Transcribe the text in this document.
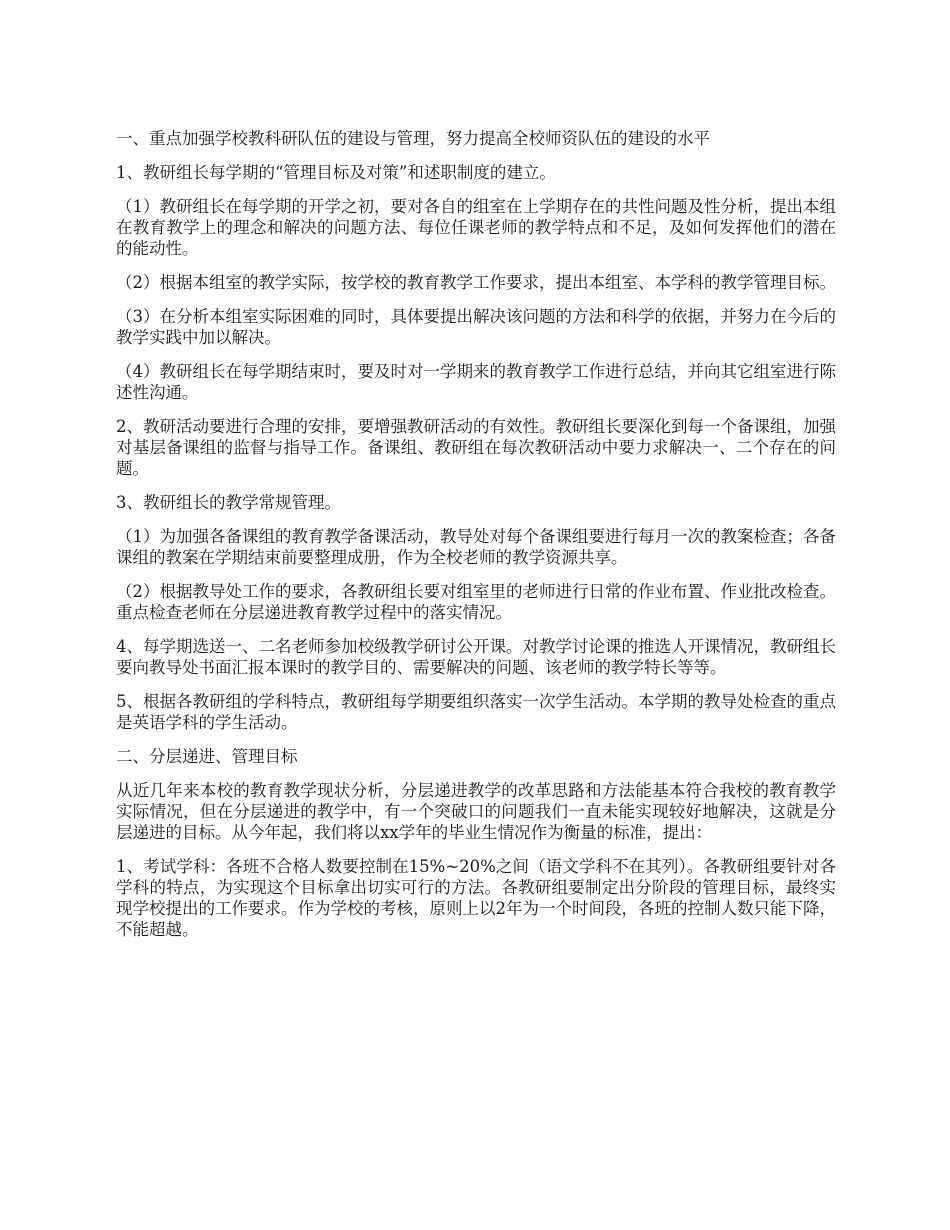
一、重点加强学校教科研队伍的建设与管理，努力提高全校师资队伍的建设的水平

1、教研组长每学期的“管理目标及对策”和述职制度的建立。

（1）教研组长在每学期的开学之初，要对各自的组室在上学期存在的共性问题及性分析，提出本组在教育教学上的理念和解决的问题方法、每位任课老师的教学特点和不足，及如何发挥他们的潜在的能动性。

（2）根据本组室的教学实际，按学校的教育教学工作要求，提出本组室、本学科的教学管理目标。

（3）在分析本组室实际困难的同时，具体要提出解决该问题的方法和科学的依据，并努力在今后的教学实践中加以解决。

（4）教研组长在每学期结束时，要及时对一学期来的教育教学工作进行总结，并向其它组室进行陈述性沟通。

2、教研活动要进行合理的安排，要增强教研活动的有效性。教研组长要深化到每一个备课组，加强对基层备课组的监督与指导工作。备课组、教研组在每次教研活动中要力求解决一、二个存在的问题。

3、教研组长的教学常规管理。

（1）为加强各备课组的教育教学备课活动，教导处对每个备课组要进行每月一次的教案检查；各备课组的教案在学期结束前要整理成册，作为全校老师的教学资源共享。

（2）根据教导处工作的要求，各教研组长要对组室里的老师进行日常的作业布置、作业批改检查。重点检查老师在分层递进教育教学过程中的落实情况。

4、每学期选送一、二名老师参加校级教学研讨公开课。对教学讨论课的推选人开课情况，教研组长要向教导处书面汇报本课时的教学目的、需要解决的问题、该老师的教学特长等等。

5、根据各教研组的学科特点，教研组每学期要组织落实一次学生活动。本学期的教导处检查的重点是英语学科的学生活动。

二、分层递进、管理目标

从近几年来本校的教育教学现状分析，分层递进教学的改革思路和方法能基本符合我校的教育教学实际情况，但在分层递进的教学中，有一个突破口的问题我们一直未能实现较好地解决，这就是分层递进的目标。从今年起，我们将以xx学年的毕业生情况作为衡量的标准，提出：

1、考试学科：各班不合格人数要控制在15%~20%之间（语文学科不在其列）。各教研组要针对各学科的特点，为实现这个目标拿出切实可行的方法。各教研组要制定出分阶段的管理目标，最终实现学校提出的工作要求。作为学校的考核，原则上以2年为一个时间段，各班的控制人数只能下降，不能超越。
